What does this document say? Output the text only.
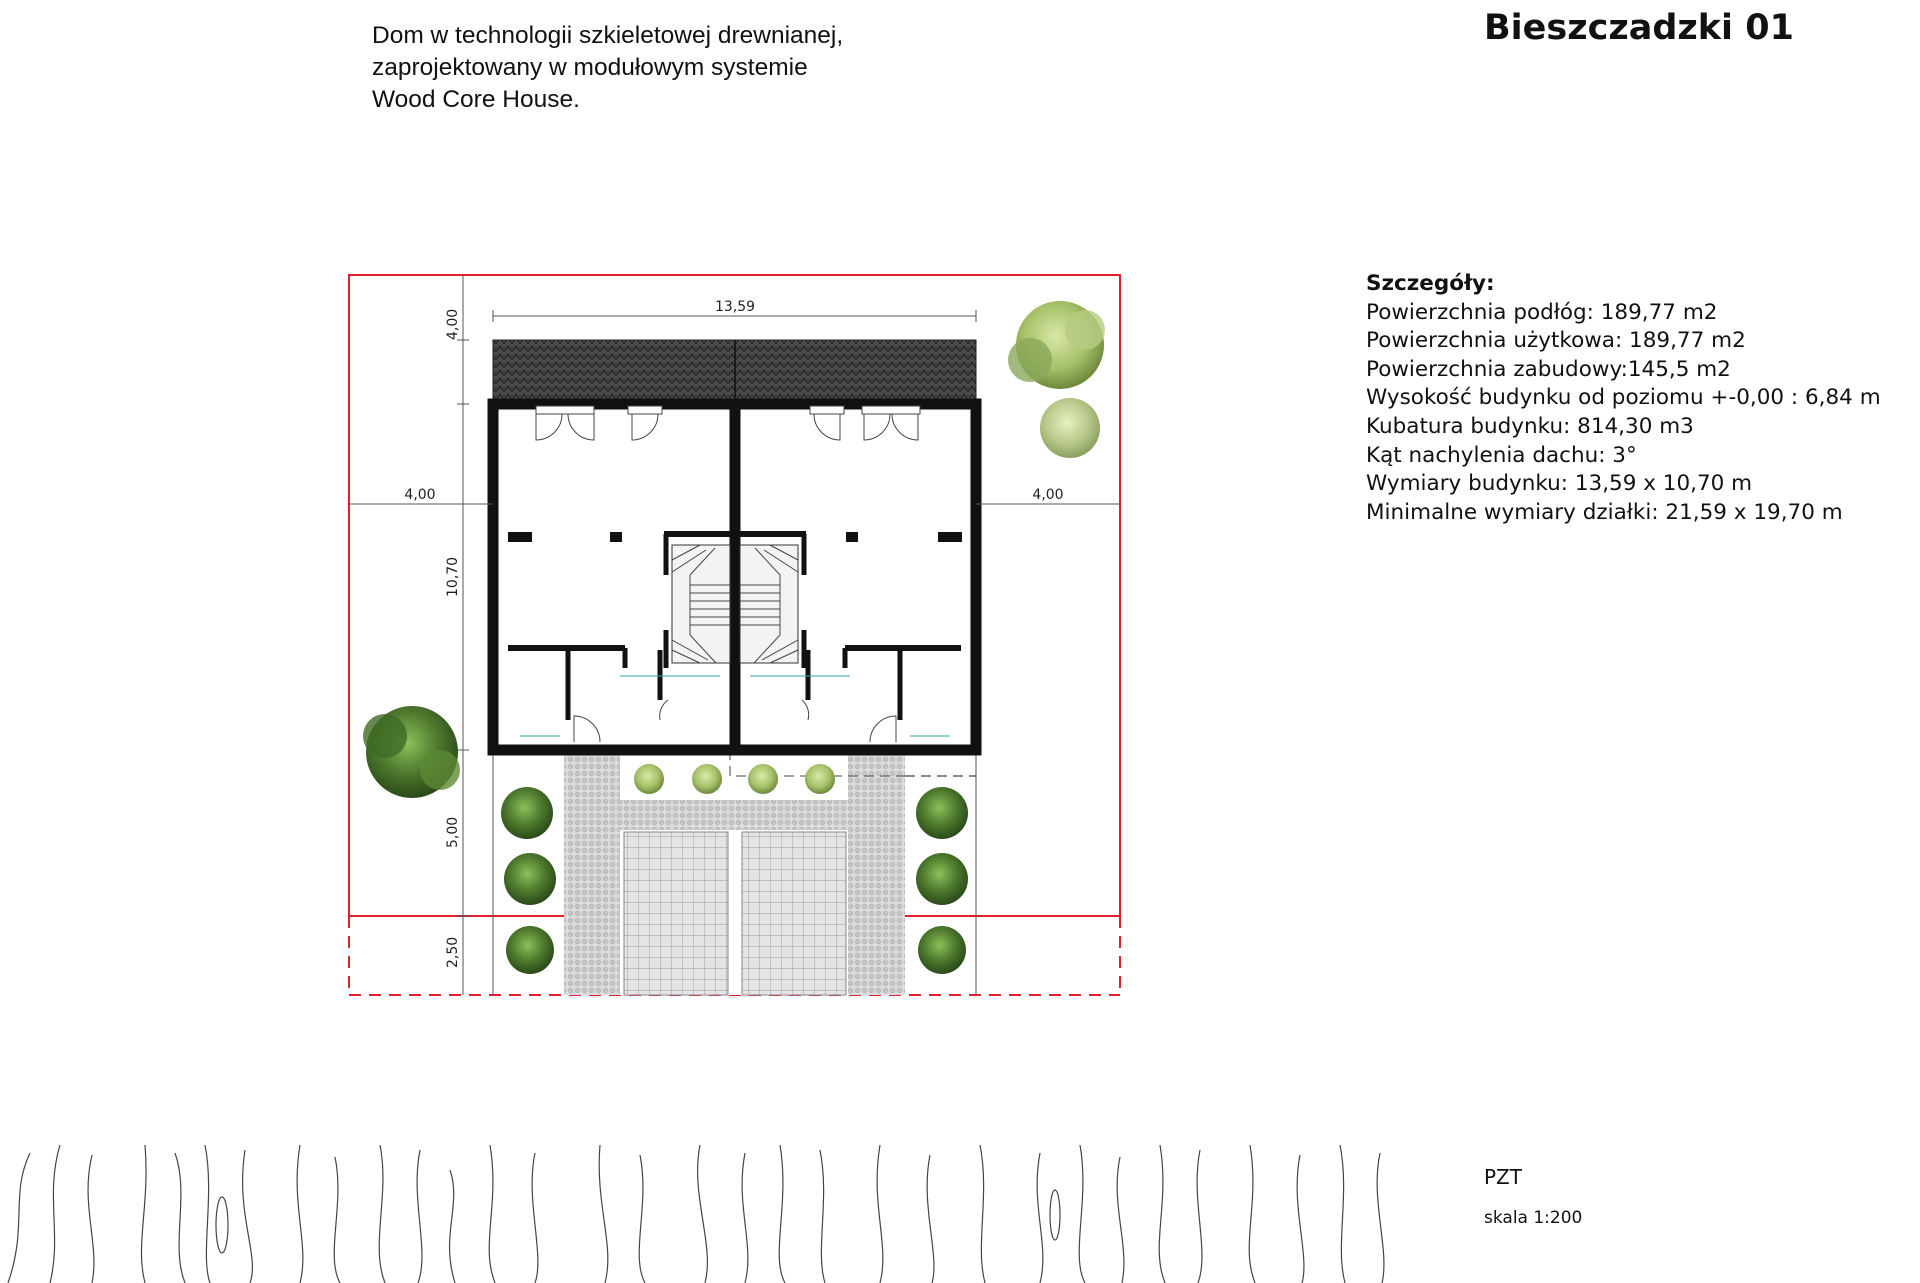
Dom w technologii szkieletowej drewnianej,
zaprojektowany w modułowym systemie
Wood Core House.
Bieszczadzki 01
Szczegóły:
Powierzchnia podłóg: 189,77 m2
Powierzchnia użytkowa: 189,77 m2
Powierzchnia zabudowy:145,5 m2
Wysokość budynku od poziomu +-0,00 : 6,84 m
Kubatura budynku: 814,30 m3
Kąt nachylenia dachu: 3°
Wymiary budynku: 13,59 x 10,70 m
Minimalne wymiary działki: 21,59 x 19,70 m
13,59
4,00	4,00
4,00
10,70
5,00
2,50
PZT
skala 1:200
